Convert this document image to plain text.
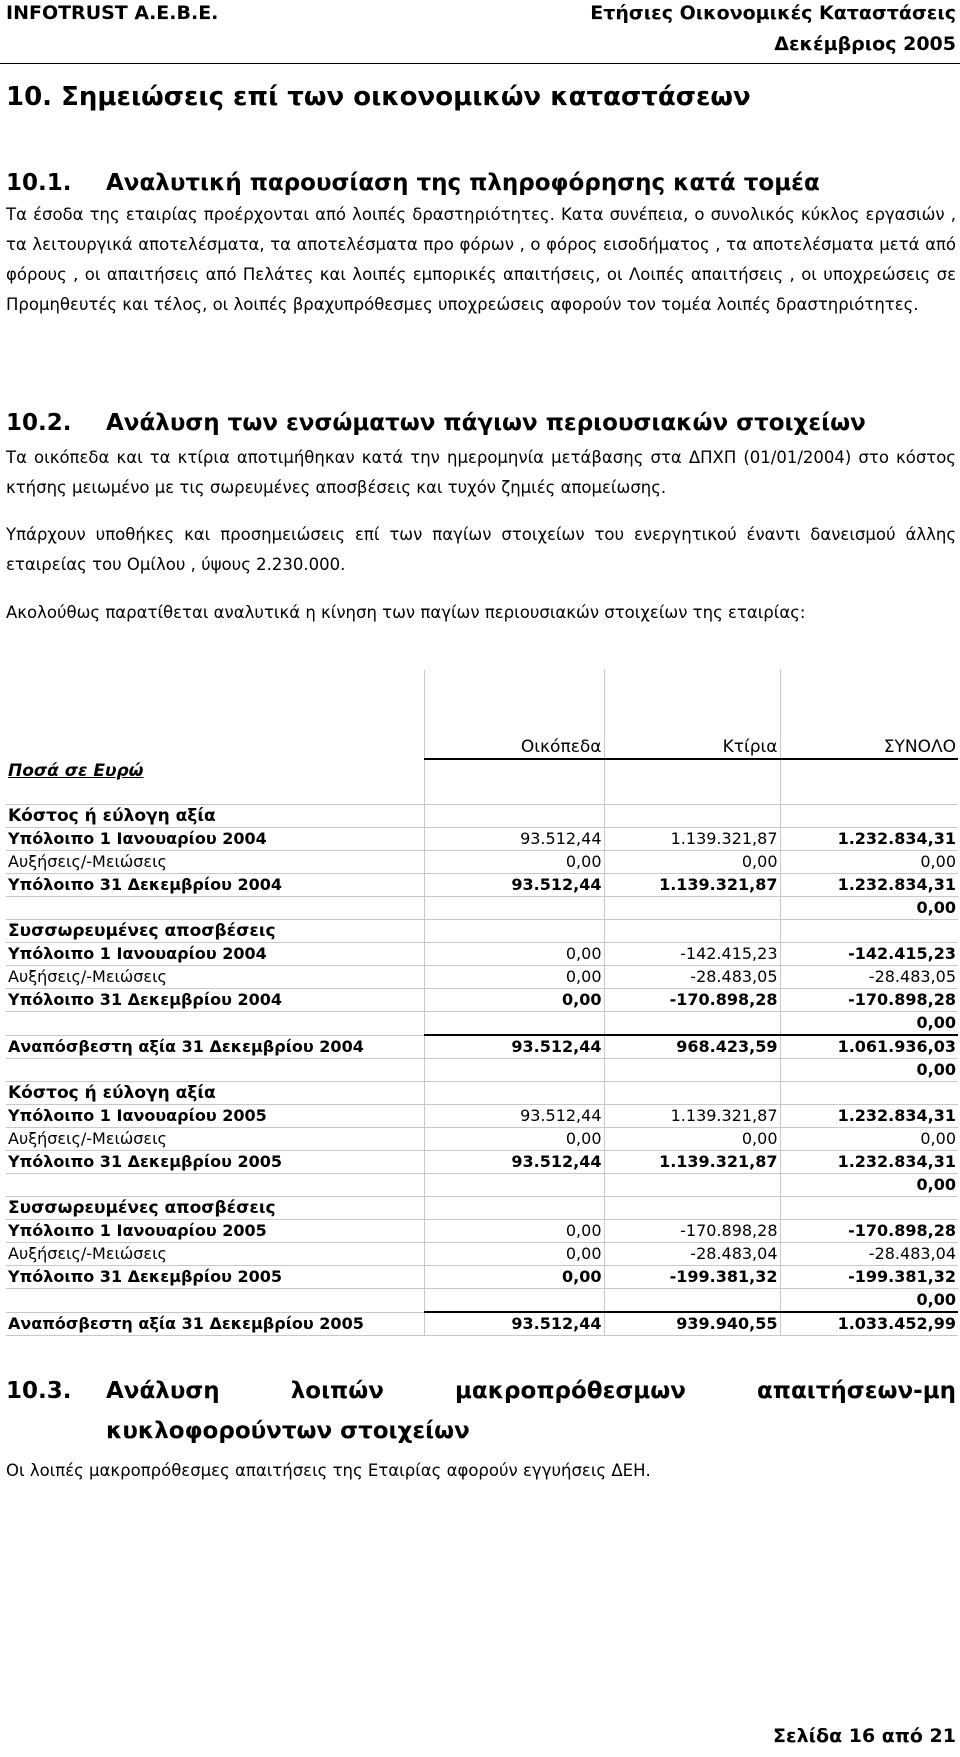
INFOTRUST Α.Ε.Β.Ε.	Ετήσιες Οικονομικές Καταστάσεις
Δεκέμβριος 2005
10. Σημειώσεις επί των οικονομικών καταστάσεων
10.1. Αναλυτική παρουσίαση της πληροφόρησης κατά τομέα
Τα έσοδα της εταιρίας προέρχονται από λοιπές δραστηριότητες. Κατα συνέπεια, ο συνολικός κύκλος εργασιών , τα λειτουργικά αποτελέσματα, τα αποτελέσματα προ φόρων , ο φόρος εισοδήματος , τα αποτελέσματα μετά από φόρους , οι απαιτήσεις από Πελάτες και λοιπές εμπορικές απαιτήσεις, οι Λοιπές απαιτήσεις , οι υποχρεώσεις σε Προμηθευτές και τέλος, οι λοιπές βραχυπρόθεσμες υποχρεώσεις αφορούν τον τομέα λοιπές δραστηριότητες.
10.2. Ανάλυση των ενσώματων πάγιων περιουσιακών στοιχείων
Τα οικόπεδα και τα κτίρια αποτιμήθηκαν κατά την ημερομηνία μετάβασης στα ΔΠΧΠ (01/01/2004) στο κόστος κτήσης μειωμένο με τις σωρευμένες αποσβέσεις και τυχόν ζημιές απομείωσης.
Υπάρχουν υποθήκες και προσημειώσεις επί των παγίων στοιχείων του ενεργητικού έναντι δανεισμού άλλης εταιρείας του Ομίλου , ύψους 2.230.000.
Ακολούθως παρατίθεται αναλυτικά η κίνηση των παγίων περιουσιακών στοιχείων της εταιρίας:

	Οικόπεδα	Κτίρια	ΣΥΝΟΛΟ
Ποσά σε Ευρώ			

Κόστος ή εύλογη αξία			
Υπόλοιπο 1 Ιανουαρίου 2004	93.512,44	1.139.321,87	1.232.834,31
Αυξήσεις/-Μειώσεις	0,00	0,00	0,00
Υπόλοιπο 31 Δεκεμβρίου 2004	93.512,44	1.139.321,87	1.232.834,31
			0,00
Συσσωρευμένες αποσβέσεις			
Υπόλοιπο 1 Ιανουαρίου 2004	0,00	-142.415,23	-142.415,23
Αυξήσεις/-Μειώσεις	0,00	-28.483,05	-28.483,05
Υπόλοιπο 31 Δεκεμβρίου 2004	0,00	-170.898,28	-170.898,28
			0,00
Αναπόσβεστη αξία 31 Δεκεμβρίου 2004	93.512,44	968.423,59	1.061.936,03
			0,00
Κόστος ή εύλογη αξία			
Υπόλοιπο 1 Ιανουαρίου 2005	93.512,44	1.139.321,87	1.232.834,31
Αυξήσεις/-Μειώσεις	0,00	0,00	0,00
Υπόλοιπο 31 Δεκεμβρίου 2005	93.512,44	1.139.321,87	1.232.834,31
			0,00
Συσσωρευμένες αποσβέσεις			
Υπόλοιπο 1 Ιανουαρίου 2005	0,00	-170.898,28	-170.898,28
Αυξήσεις/-Μειώσεις	0,00	-28.483,04	-28.483,04
Υπόλοιπο 31 Δεκεμβρίου 2005	0,00	-199.381,32	-199.381,32
			0,00
Αναπόσβεστη αξία 31 Δεκεμβρίου 2005	93.512,44	939.940,55	1.033.452,99
10.3.	Ανάλυση λοιπών μακροπρόθεσμων απαιτήσεων-μη
κυκλοφορούντων στοιχείων
Οι λοιπές μακροπρόθεσμες απαιτήσεις της Εταιρίας αφορούν εγγυήσεις ΔΕΗ.
Σελίδα 16 από 21
